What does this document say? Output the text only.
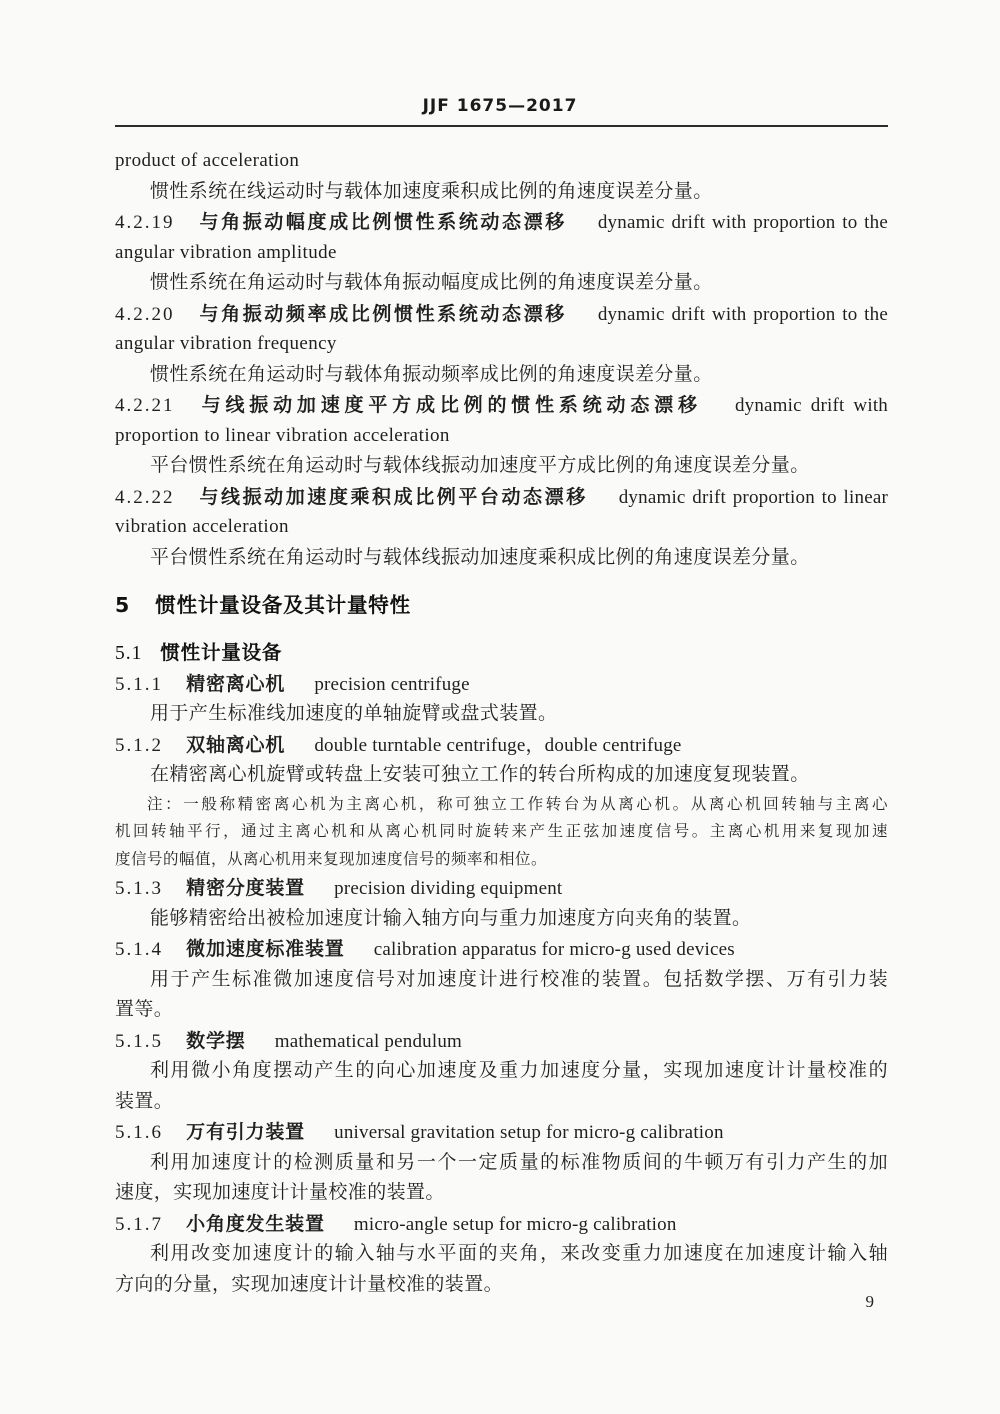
JJF 1675—2017
product of acceleration
惯性系统在线运动时与载体加速度乘积成比例的角速度误差分量。
4.2.19 与角振动幅度成比例惯性系统动态漂移 dynamic drift with proportion to the
angular vibration amplitude
惯性系统在角运动时与载体角振动幅度成比例的角速度误差分量。
4.2.20 与角振动频率成比例惯性系统动态漂移 dynamic drift with proportion to the
angular vibration frequency
惯性系统在角运动时与载体角振动频率成比例的角速度误差分量。
4.2.21 与线振动加速度平方成比例的惯性系统动态漂移 dynamic drift with
proportion to linear vibration acceleration
平台惯性系统在角运动时与载体线振动加速度平方成比例的角速度误差分量。
4.2.22 与线振动加速度乘积成比例平台动态漂移 dynamic drift proportion to linear
vibration acceleration
平台惯性系统在角运动时与载体线振动加速度乘积成比例的角速度误差分量。
5 惯性计量设备及其计量特性
5.1 惯性计量设备
5.1.1 精密离心机 precision centrifuge
用于产生标准线加速度的单轴旋臂或盘式装置。
5.1.2 双轴离心机 double turntable centrifuge，double centrifuge
在精密离心机旋臂或转盘上安装可独立工作的转台所构成的加速度复现装置。
注：一般称精密离心机为主离心机，称可独立工作转台为从离心机。从离心机回转轴与主离心
机回转轴平行，通过主离心机和从离心机同时旋转来产生正弦加速度信号。主离心机用来复现加速
度信号的幅值，从离心机用来复现加速度信号的频率和相位。
5.1.3 精密分度装置 precision dividing equipment
能够精密给出被检加速度计输入轴方向与重力加速度方向夹角的装置。
5.1.4 微加速度标准装置 calibration apparatus for micro-g used devices
用于产生标准微加速度信号对加速度计进行校准的装置。包括数学摆、万有引力装
置等。
5.1.5 数学摆 mathematical pendulum
利用微小角度摆动产生的向心加速度及重力加速度分量，实现加速度计计量校准的
装置。
5.1.6 万有引力装置 universal gravitation setup for micro-g calibration
利用加速度计的检测质量和另一个一定质量的标准物质间的牛顿万有引力产生的加
速度，实现加速度计计量校准的装置。
5.1.7 小角度发生装置 micro-angle setup for micro-g calibration
利用改变加速度计的输入轴与水平面的夹角，来改变重力加速度在加速度计输入轴
方向的分量，实现加速度计计量校准的装置。
9
